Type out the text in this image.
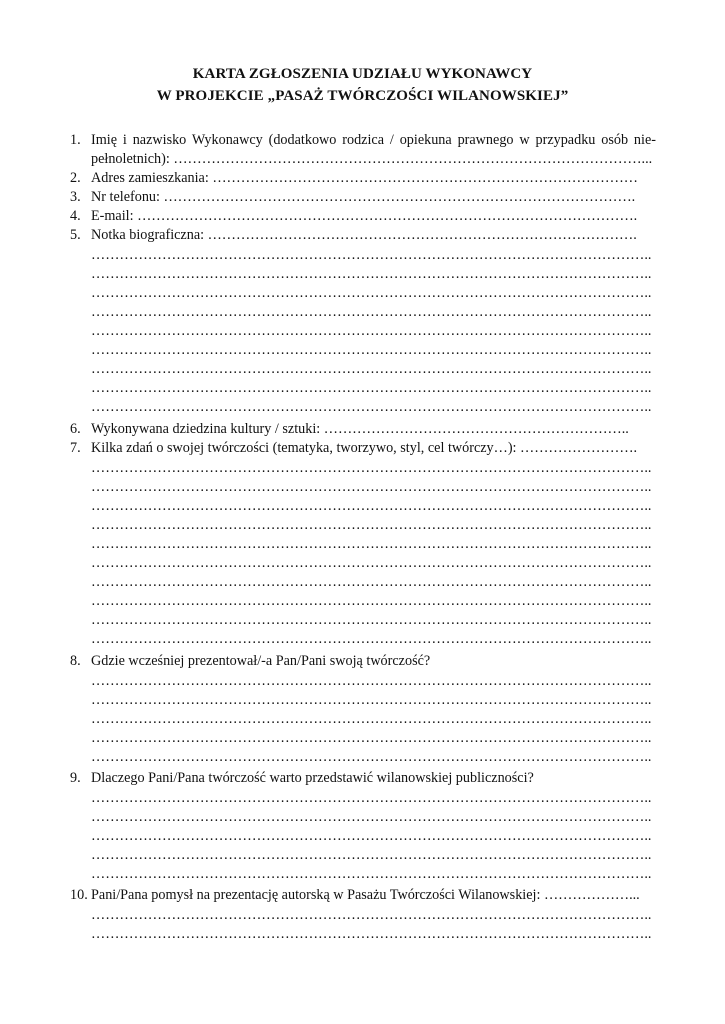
KARTA ZGŁOSZENIA UDZIAŁU WYKONAWCY
W PROJEKCIE „PASAŻ TWÓRCZOŚCI WILANOWSKIEJ”
1. Imię i nazwisko Wykonawcy (dodatkowo rodzica / opiekuna prawnego w przypadku osób nie-
pełnoletnich): ………………………………………………………………………………………...
2. Adres zamieszkania: ………………………………………………………………………………
3. Nr telefonu: ……………………………………………………………………………………….
4. E-mail: …………………………………………………………………………………………….
5. Notka biograficzna: ……………………………………………………………………………….
………………………………………………………………………………………………………..
………………………………………………………………………………………………………..
………………………………………………………………………………………………………..
………………………………………………………………………………………………………..
………………………………………………………………………………………………………..
………………………………………………………………………………………………………..
………………………………………………………………………………………………………..
………………………………………………………………………………………………………..
………………………………………………………………………………………………………..
6. Wykonywana dziedzina kultury / sztuki: ………………………………………………………..
7. Kilka zdań o swojej twórczości (tematyka, tworzywo, styl, cel twórczy…): …………………….
………………………………………………………………………………………………………..
………………………………………………………………………………………………………..
………………………………………………………………………………………………………..
………………………………………………………………………………………………………..
………………………………………………………………………………………………………..
………………………………………………………………………………………………………..
………………………………………………………………………………………………………..
………………………………………………………………………………………………………..
………………………………………………………………………………………………………..
………………………………………………………………………………………………………..
8. Gdzie wcześniej prezentował/-a Pan/Pani swoją twórczość?
………………………………………………………………………………………………………..
………………………………………………………………………………………………………..
………………………………………………………………………………………………………..
………………………………………………………………………………………………………..
………………………………………………………………………………………………………..
9. Dlaczego Pani/Pana twórczość warto przedstawić wilanowskiej publiczności?
………………………………………………………………………………………………………..
………………………………………………………………………………………………………..
………………………………………………………………………………………………………..
………………………………………………………………………………………………………..
………………………………………………………………………………………………………..
10. Pani/Pana pomysł na prezentację autorską w Pasażu Twórczości Wilanowskiej: ………………...
………………………………………………………………………………………………………..
………………………………………………………………………………………………………..
